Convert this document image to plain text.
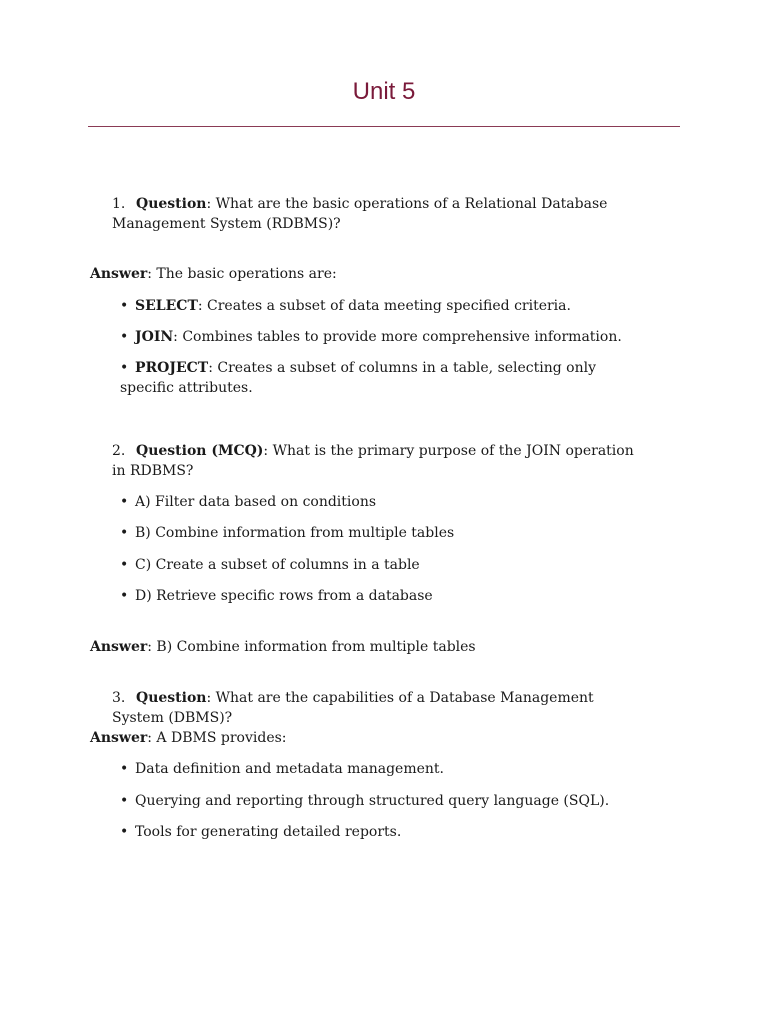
Unit 5
1. Question: What are the basic operations of a Relational Database Management System (RDBMS)?
Answer: The basic operations are:
• SELECT: Creates a subset of data meeting specified criteria.
• JOIN: Combines tables to provide more comprehensive information.
• PROJECT: Creates a subset of columns in a table, selecting only specific attributes.
2. Question (MCQ): What is the primary purpose of the JOIN operation in RDBMS?
• A) Filter data based on conditions
• B) Combine information from multiple tables
• C) Create a subset of columns in a table
• D) Retrieve specific rows from a database
Answer: B) Combine information from multiple tables
3. Question: What are the capabilities of a Database Management System (DBMS)?
Answer: A DBMS provides:
• Data definition and metadata management.
• Querying and reporting through structured query language (SQL).
• Tools for generating detailed reports.
